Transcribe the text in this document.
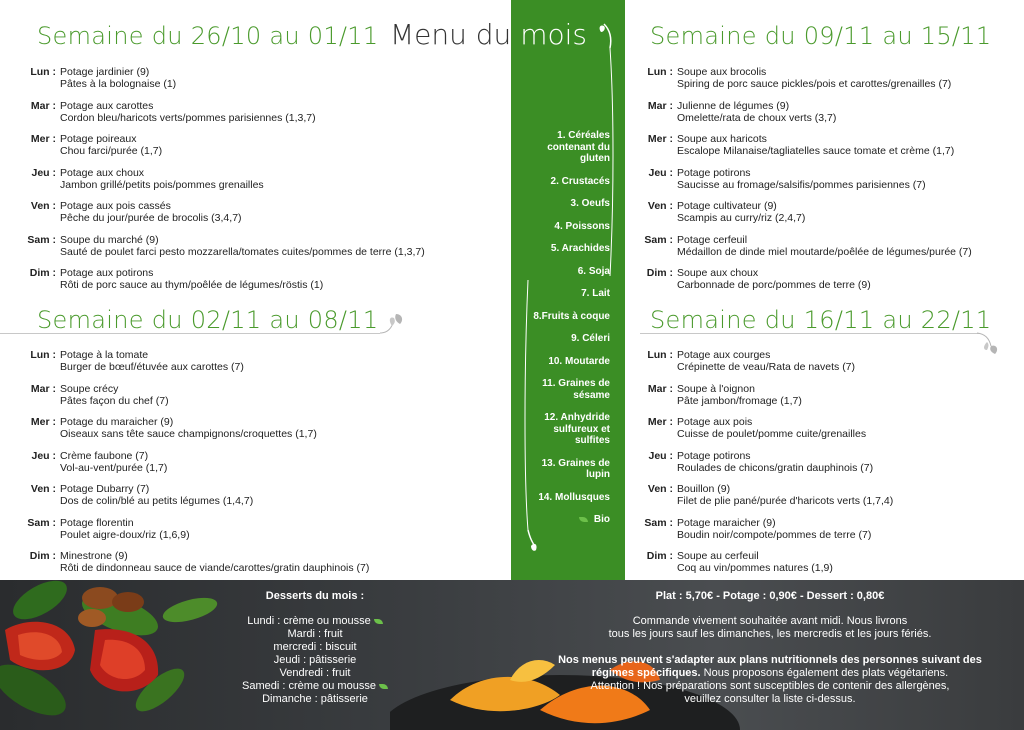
Menu du mois
1. Céréales contenant du gluten
2. Crustacés
3. Oeufs
4. Poissons
5. Arachides
6. Soja
7. Lait
8.Fruits à coque
9. Céleri
10. Moutarde
11. Graines de sésame
12. Anhydride sulfureux et sulfites
13. Graines de lupin
14. Mollusques
Bio
Semaine du 26/10 au 01/11
Lun : Potage jardinier (9)
Pâtes à la bolognaise (1)
Mar : Potage aux carottes
Cordon bleu/haricots verts/pommes parisiennes (1,3,7)
Mer : Potage poireaux
Chou farci/purée (1,7)
Jeu : Potage aux choux
Jambon grillé/petits pois/pommes grenailles
Ven : Potage aux pois cassés
Pêche du jour/purée de brocolis (3,4,7)
Sam : Soupe du marché (9)
Sauté de poulet farci pesto mozzarella/tomates cuites/pommes de terre (1,3,7)
Dim : Potage aux potirons
Rôti de porc sauce au thym/poêlée de légumes/röstis (1)
Semaine du 02/11 au 08/11
Lun : Potage à la tomate
Burger de bœuf/étuvée aux carottes (7)
Mar : Soupe crécy
Pâtes façon du chef (7)
Mer : Potage du maraicher (9)
Oiseaux sans tête sauce champignons/croquettes (1,7)
Jeu : Crème faubone (7)
Vol-au-vent/purée (1,7)
Ven : Potage Dubarry (7)
Dos de colin/blé au petits légumes (1,4,7)
Sam : Potage florentin
Poulet aigre-doux/riz (1,6,9)
Dim : Minestrone (9)
Rôti de dindonneau sauce de viande/carottes/gratin dauphinois (7)
Semaine du 09/11 au 15/11
Lun : Soupe aux brocolis
Spiring de porc sauce pickles/pois et carottes/grenailles (7)
Mar : Julienne de légumes (9)
Omelette/rata de choux verts (3,7)
Mer : Soupe aux haricots
Escalope Milanaise/tagliatelles sauce tomate et crème (1,7)
Jeu : Potage potirons
Saucisse au fromage/salsifis/pommes parisiennes (7)
Ven : Potage cultivateur (9)
Scampis au curry/riz (2,4,7)
Sam : Potage cerfeuil
Médaillon de dinde miel moutarde/poêlée de légumes/purée (7)
Dim : Soupe aux choux
Carbonnade de porc/pommes de terre (9)
Semaine du 16/11 au 22/11
Lun : Potage aux courges
Crépinette de veau/Rata de navets (7)
Mar : Soupe à l'oignon
Pâte jambon/fromage (1,7)
Mer : Potage aux pois
Cuisse de poulet/pomme cuite/grenailles
Jeu : Potage potirons
Roulades de chicons/gratin dauphinois (7)
Ven : Bouillon (9)
Filet de plie pané/purée d'haricots verts (1,7,4)
Sam : Potage maraicher (9)
Boudin noir/compote/pommes de terre (7)
Dim : Soupe au cerfeuil
Coq au vin/pommes natures (1,9)
Desserts du mois :
Lundi : crème ou mousse
Mardi : fruit
mercredi : biscuit
Jeudi : pâtisserie
Vendredi : fruit
Samedi : crème ou mousse
Dimanche : pâtisserie
Plat : 5,70€ - Potage : 0,90€ - Dessert : 0,80€
Commande vivement souhaitée avant midi. Nous livrons
tous les jours sauf les dimanches, les mercredis et les jours fériés.
Nos menus peuvent s'adapter aux plans nutritionnels des personnes suivant des régimes spécifiques. Nous proposons également des plats végétariens.
Attention ! Nos préparations sont susceptibles de contenir des allergènes,
veuillez consulter la liste ci-dessus.
